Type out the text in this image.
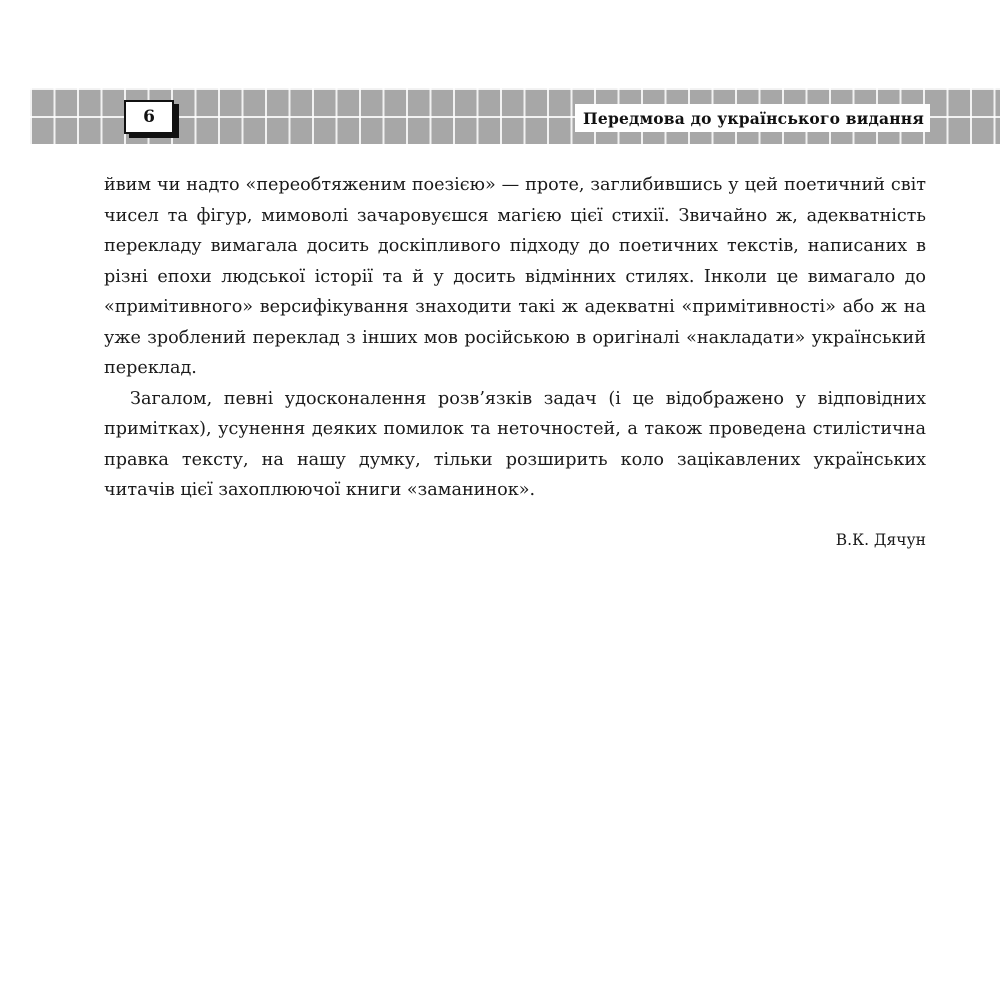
6	Передмова до українського видання

йвим чи надто «переобтяженим поезією» — проте, заглибившись у цей поетичний світ чисел та фігур, мимоволі зачаровуєшся магією цієї стихії. Звичайно ж, адекватність перекладу вимагала досить доскіпливого підходу до поетичних текстів, написаних в різні епохи людської історії та й у досить відмінних стилях. Інколи це вимагало до «примітивного» версифікування знаходити такі ж адекватні «примітивності» або ж на уже зроблений переклад з інших мов російською в оригіналі «накладати» український переклад.

Загалом, певні удосконалення розв’язків задач (і це відображено у відповідних примітках), усунення деяких помилок та неточностей, а також проведена стилістична правка тексту, на нашу думку, тільки розширить коло зацікавлених українських читачів цієї захоплюючої книги «заманинок».

В.К. Дячун
